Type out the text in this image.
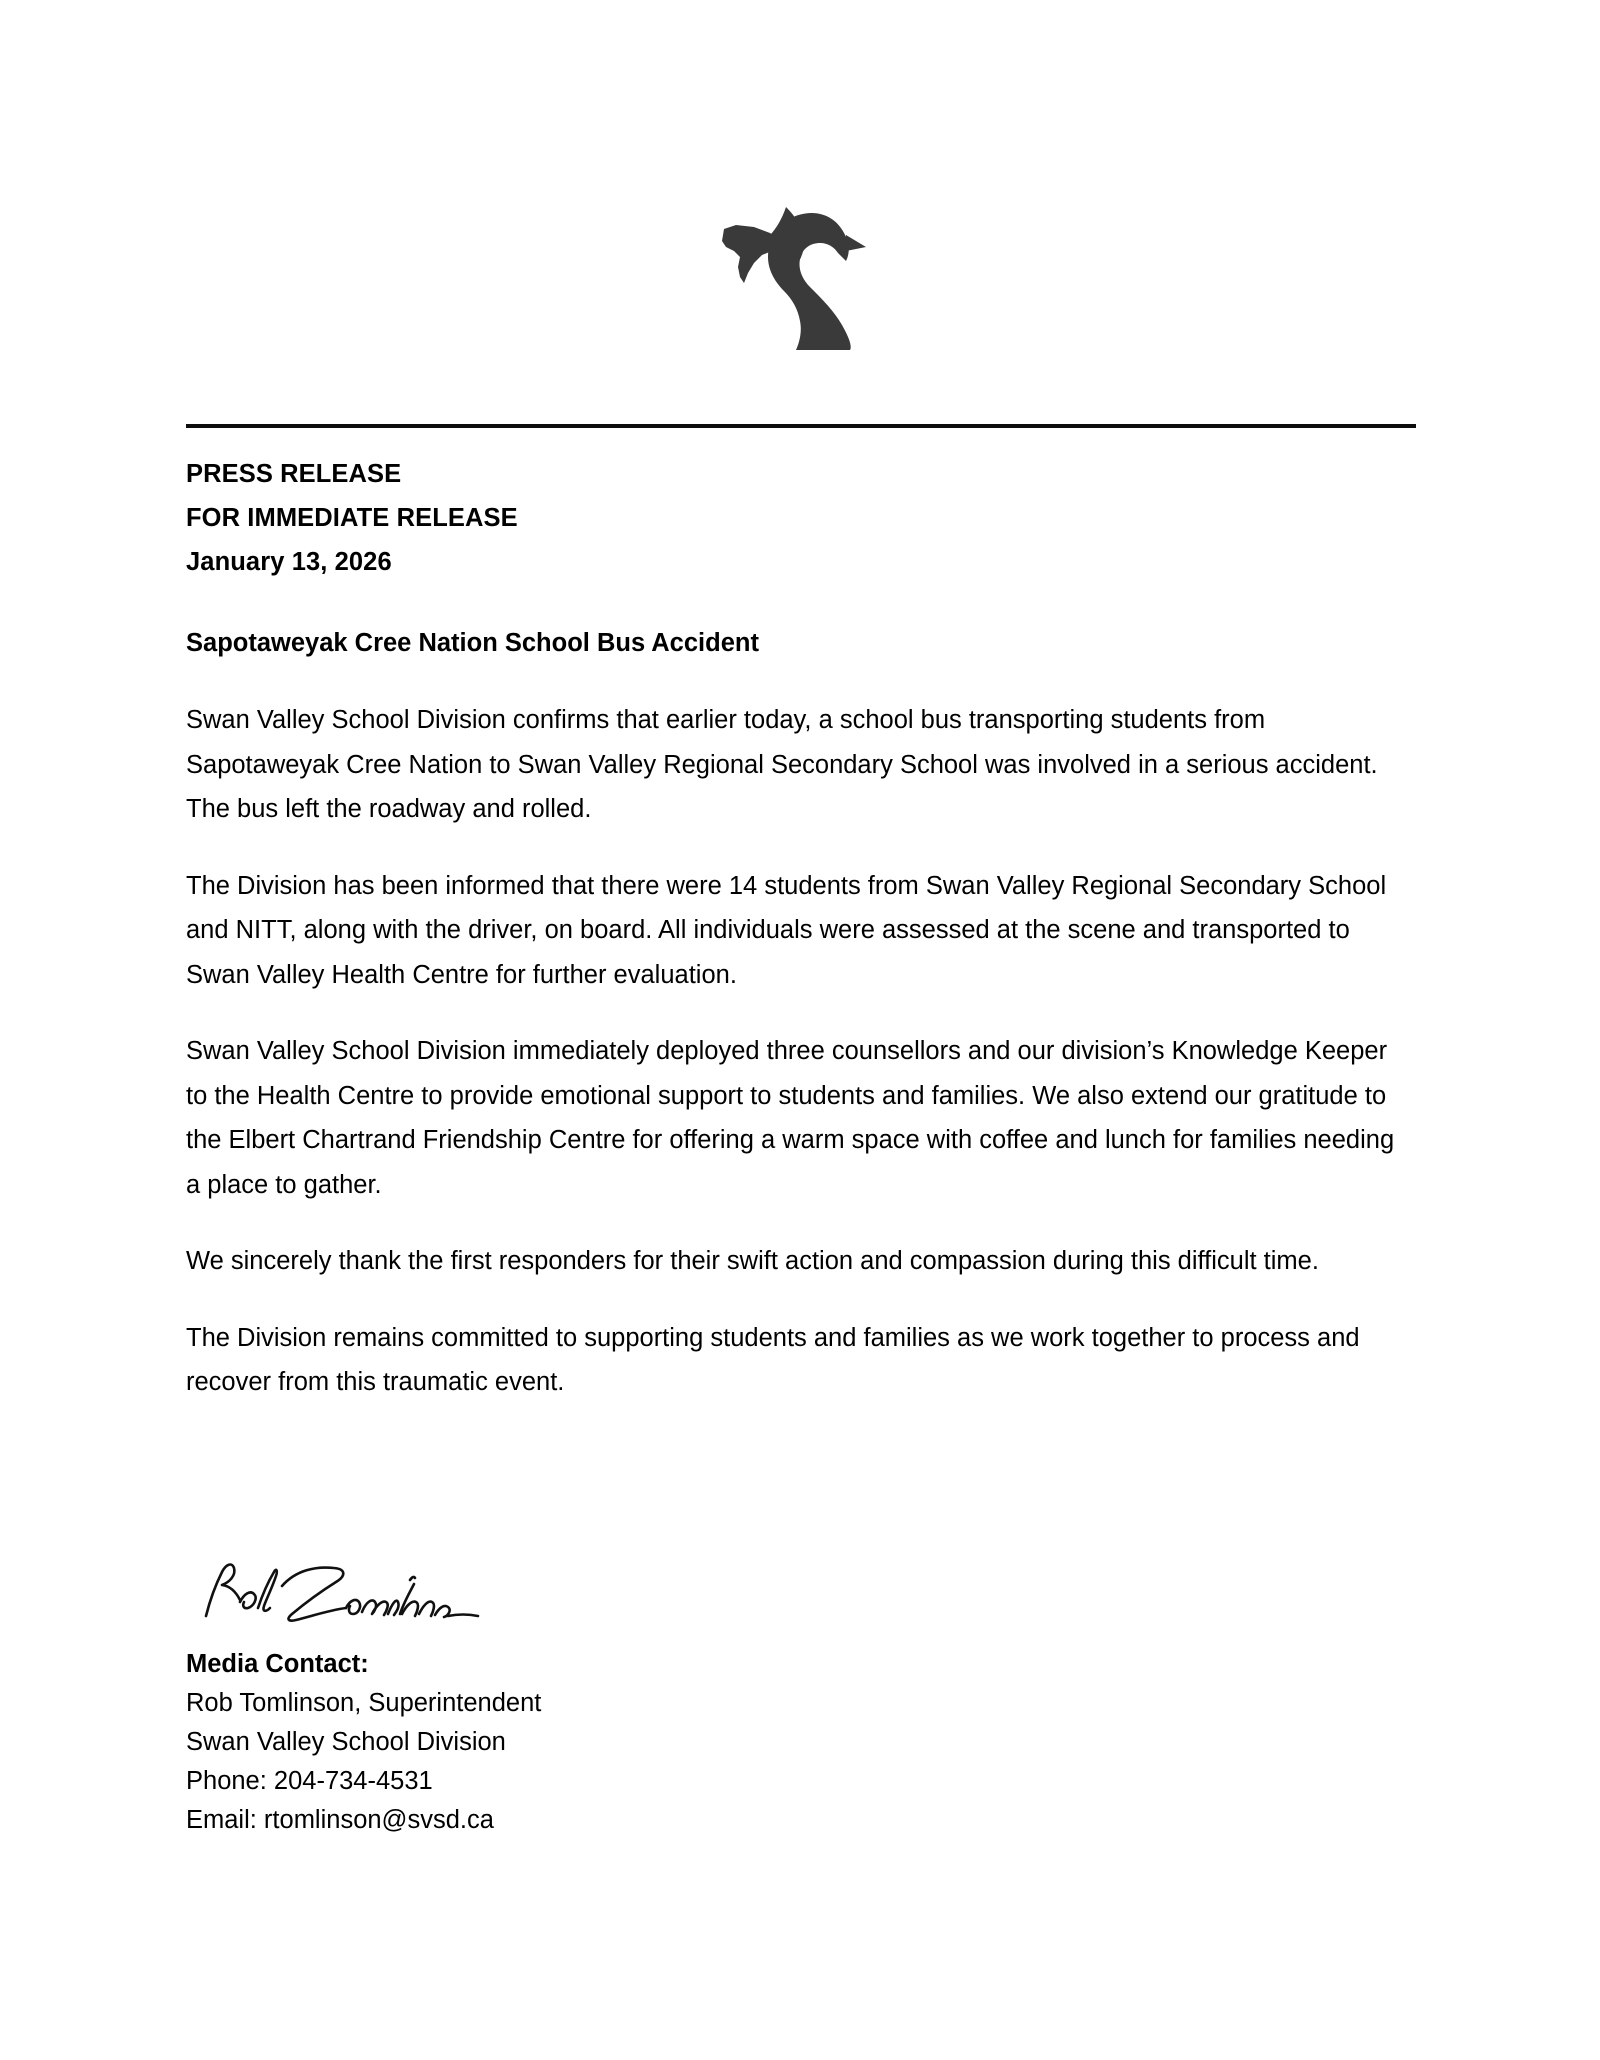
PRESS RELEASE
FOR IMMEDIATE RELEASE
January 13, 2026
Sapotaweyak Cree Nation School Bus Accident
Swan Valley School Division confirms that earlier today, a school bus transporting students from Sapotaweyak Cree Nation to Swan Valley Regional Secondary School was involved in a serious accident. The bus left the roadway and rolled.
The Division has been informed that there were 14 students from Swan Valley Regional Secondary School and NITT, along with the driver, on board. All individuals were assessed at the scene and transported to Swan Valley Health Centre for further evaluation.
Swan Valley School Division immediately deployed three counsellors and our division’s Knowledge Keeper to the Health Centre to provide emotional support to students and families. We also extend our gratitude to the Elbert Chartrand Friendship Centre for offering a warm space with coffee and lunch for families needing a place to gather.
We sincerely thank the first responders for their swift action and compassion during this difficult time.
The Division remains committed to supporting students and families as we work together to process and recover from this traumatic event.
Media Contact:
Rob Tomlinson, Superintendent
Swan Valley School Division
Phone: 204-734-4531
Email: rtomlinson@svsd.ca
